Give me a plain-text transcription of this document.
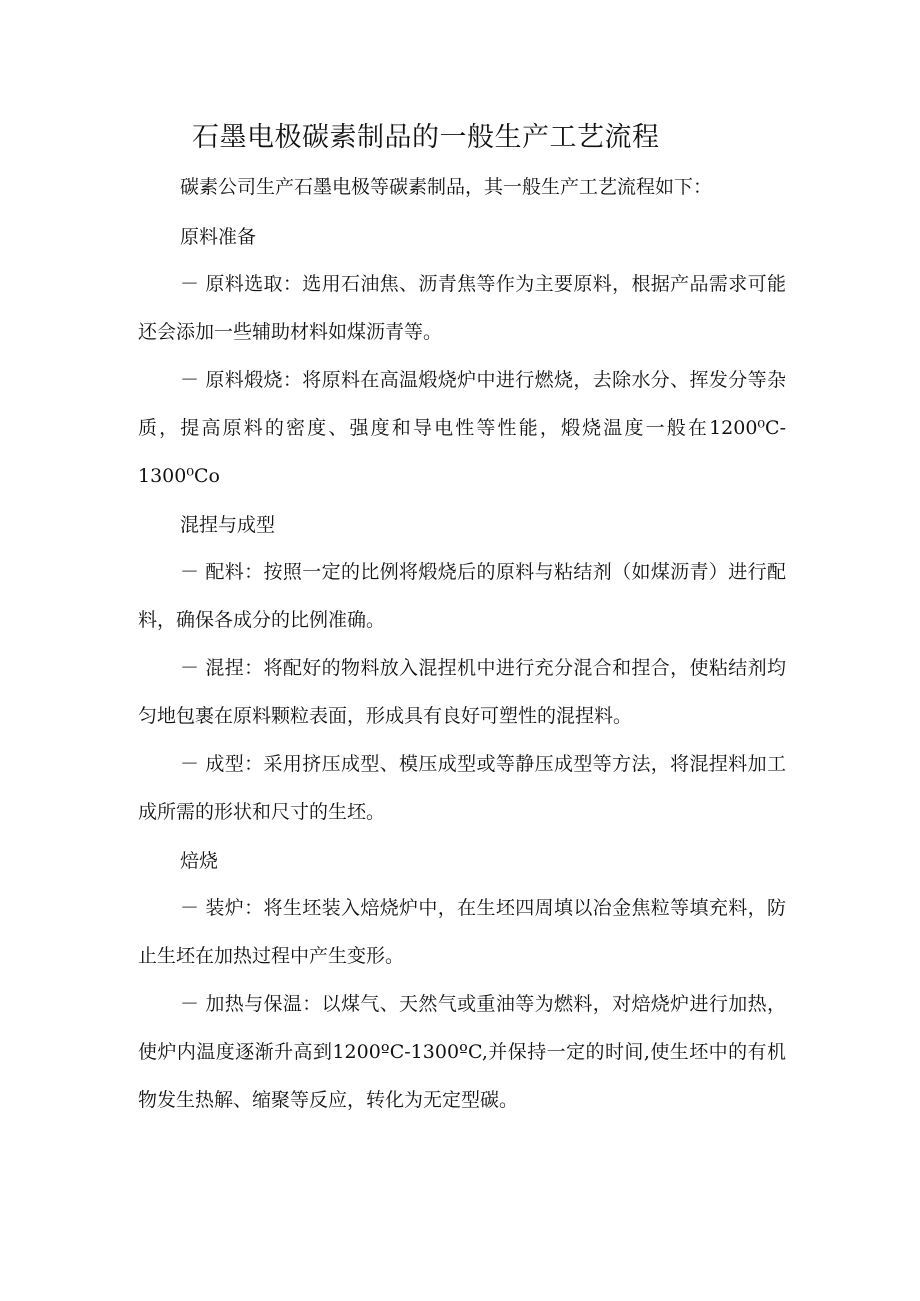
石墨电极碳素制品的一般生产工艺流程
碳素公司生产石墨电极等碳素制品，其一般生产工艺流程如下：
原料准备
－ 原料选取：选用石油焦、沥青焦等作为主要原料，根据产品需求可能还会添加一些辅助材料如煤沥青等。
－ 原料煅烧：将原料在高温煅烧炉中进行燃烧，去除水分、挥发分等杂质，提高原料的密度、强度和导电性等性能，煅烧温度一般在1200⁰C-1300⁰Co
混捏与成型
－ 配料：按照一定的比例将煅烧后的原料与粘结剂（如煤沥青）进行配料，确保各成分的比例准确。
－ 混捏：将配好的物料放入混捏机中进行充分混合和捏合，使粘结剂均匀地包裹在原料颗粒表面，形成具有良好可塑性的混捏料。
－ 成型：采用挤压成型、模压成型或等静压成型等方法，将混捏料加工成所需的形状和尺寸的生坯。
焙烧
－ 装炉：将生坯装入焙烧炉中，在生坯四周填以冶金焦粒等填充料，防止生坯在加热过程中产生变形。
－ 加热与保温：以煤气、天然气或重油等为燃料，对焙烧炉进行加热，使炉内温度逐渐升高到1200ºC-1300ºC,并保持一定的时间,使生坯中的有机物发生热解、缩聚等反应，转化为无定型碳。
